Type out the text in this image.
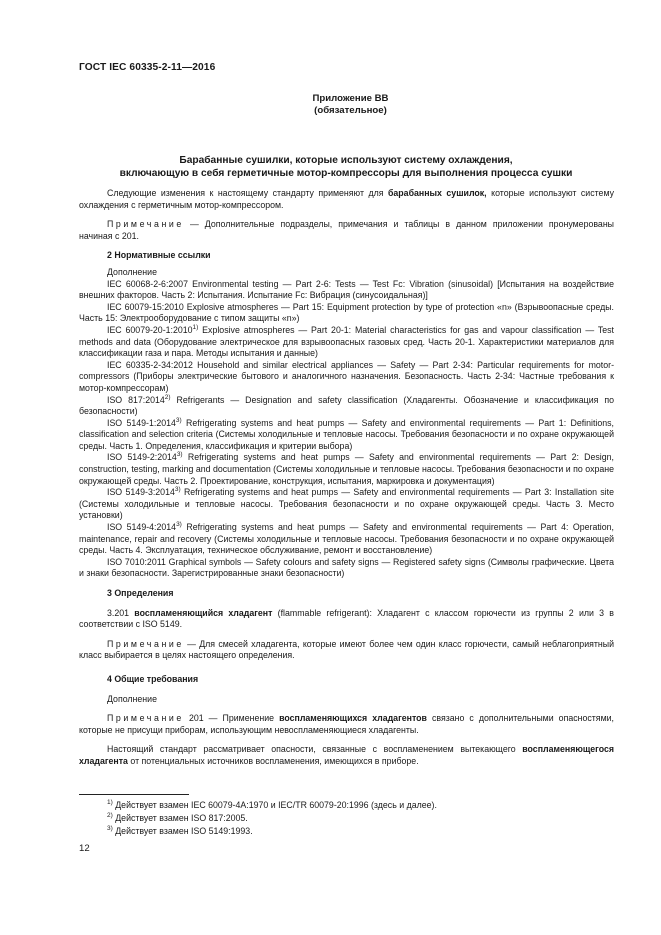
ГОСТ IEC 60335-2-11—2016
Приложение ВВ
(обязательное)
Барабанные сушилки, которые используют систему охлаждения,
включающую в себя герметичные мотор-компрессоры для выполнения процесса сушки

Следующие изменения к настоящему стандарту применяют для барабанных сушилок, которые используют систему охлаждения с герметичным мотор-компрессором.

Примечание — Дополнительные подразделы, примечания и таблицы в данном приложении пронумерованы начиная с 201.

2 Нормативные ссылки

Дополнение

IEC 60068-2-6:2007 Environmental testing — Part 2-6: Tests — Test Fc: Vibration (sinusoidal) [Испытания на воздействие внешних факторов. Часть 2: Испытания. Испытание Fc: Вибрация (синусоидальная)]

IEC 60079-15:2010 Explosive atmospheres — Part 15: Equipment protection by type of protection «n» (Взрывоопасные среды. Часть 15: Электрооборудование с типом защиты «n»)

IEC 60079-20-1:2010$^{1)}$ Explosive atmospheres — Part 20-1: Material characteristics for gas and vapour classification — Test methods and data (Оборудование электрическое для взрывоопасных газовых сред. Часть 20-1. Характеристики материалов для классификации газа и пара. Методы испытания и данные)

IEC 60335-2-34:2012 Household and similar electrical appliances — Safety — Part 2-34: Particular requirements for motor-compressors (Приборы электрические бытового и аналогичного назначения. Безопасность. Часть 2-34: Частные требования к мотор-компрессорам)

ISO 817:2014$^{2)}$ Refrigerants — Designation and safety classification (Хладагенты. Обозначение и классификация по безопасности)

ISO 5149-1:2014$^{3)}$ Refrigerating systems and heat pumps — Safety and environmental requirements — Part 1: Definitions, classification and selection criteria (Системы холодильные и тепловые насосы. Требования безопасности и по охране окружающей среды. Часть 1. Определения, классификация и критерии выбора)

ISO 5149-2:2014$^{3)}$ Refrigerating systems and heat pumps — Safety and environmental requirements — Part 2: Design, construction, testing, marking and documentation (Системы холодильные и тепловые насосы. Требования безопасности и по охране окружающей среды. Часть 2. Проектирование, конструкция, испытания, маркировка и документация)

ISO 5149-3:2014$^{3)}$ Refrigerating systems and heat pumps — Safety and environmental requirements — Part 3: Installation site (Системы холодильные и тепловые насосы. Требования безопасности и по охране окружающей среды. Часть 3. Место установки)

ISO 5149-4:2014$^{3)}$ Refrigerating systems and heat pumps — Safety and environmental requirements — Part 4: Operation, maintenance, repair and recovery (Системы холодильные и тепловые насосы. Требования безопасности и по охране окружающей среды. Часть 4. Эксплуатация, техническое обслуживание, ремонт и восстановление)

ISO 7010:2011 Graphical symbols — Safety colours and safety signs — Registered safety signs (Символы графические. Цвета и знаки безопасности. Зарегистрированные знаки безопасности)

3 Определения

3.201 воспламеняющийся хладагент (flammable refrigerant): Хладагент с классом горючести из группы 2 или 3 в соответствии с ISO 5149.

Примечание — Для смесей хладагента, которые имеют более чем один класс горючести, самый неблагоприятный класс выбирается в целях настоящего определения.

4 Общие требования

Дополнение

Примечание 201 — Применение воспламеняющихся хладагентов связано с дополнительными опасностями, которые не присущи приборам, использующим невоспламеняющиеся хладагенты.

Настоящий стандарт рассматривает опасности, связанные с воспламенением вытекающего воспламеняющегося хладагента от потенциальных источников воспламенения, имеющихся в приборе.

$^{1)}$ Действует взамен IEC 60079-4A:1970 и IEC/TR 60079-20:1996 (здесь и далее).
$^{2)}$ Действует взамен ISO 817:2005.
$^{3)}$ Действует взамен ISO 5149:1993.
12
